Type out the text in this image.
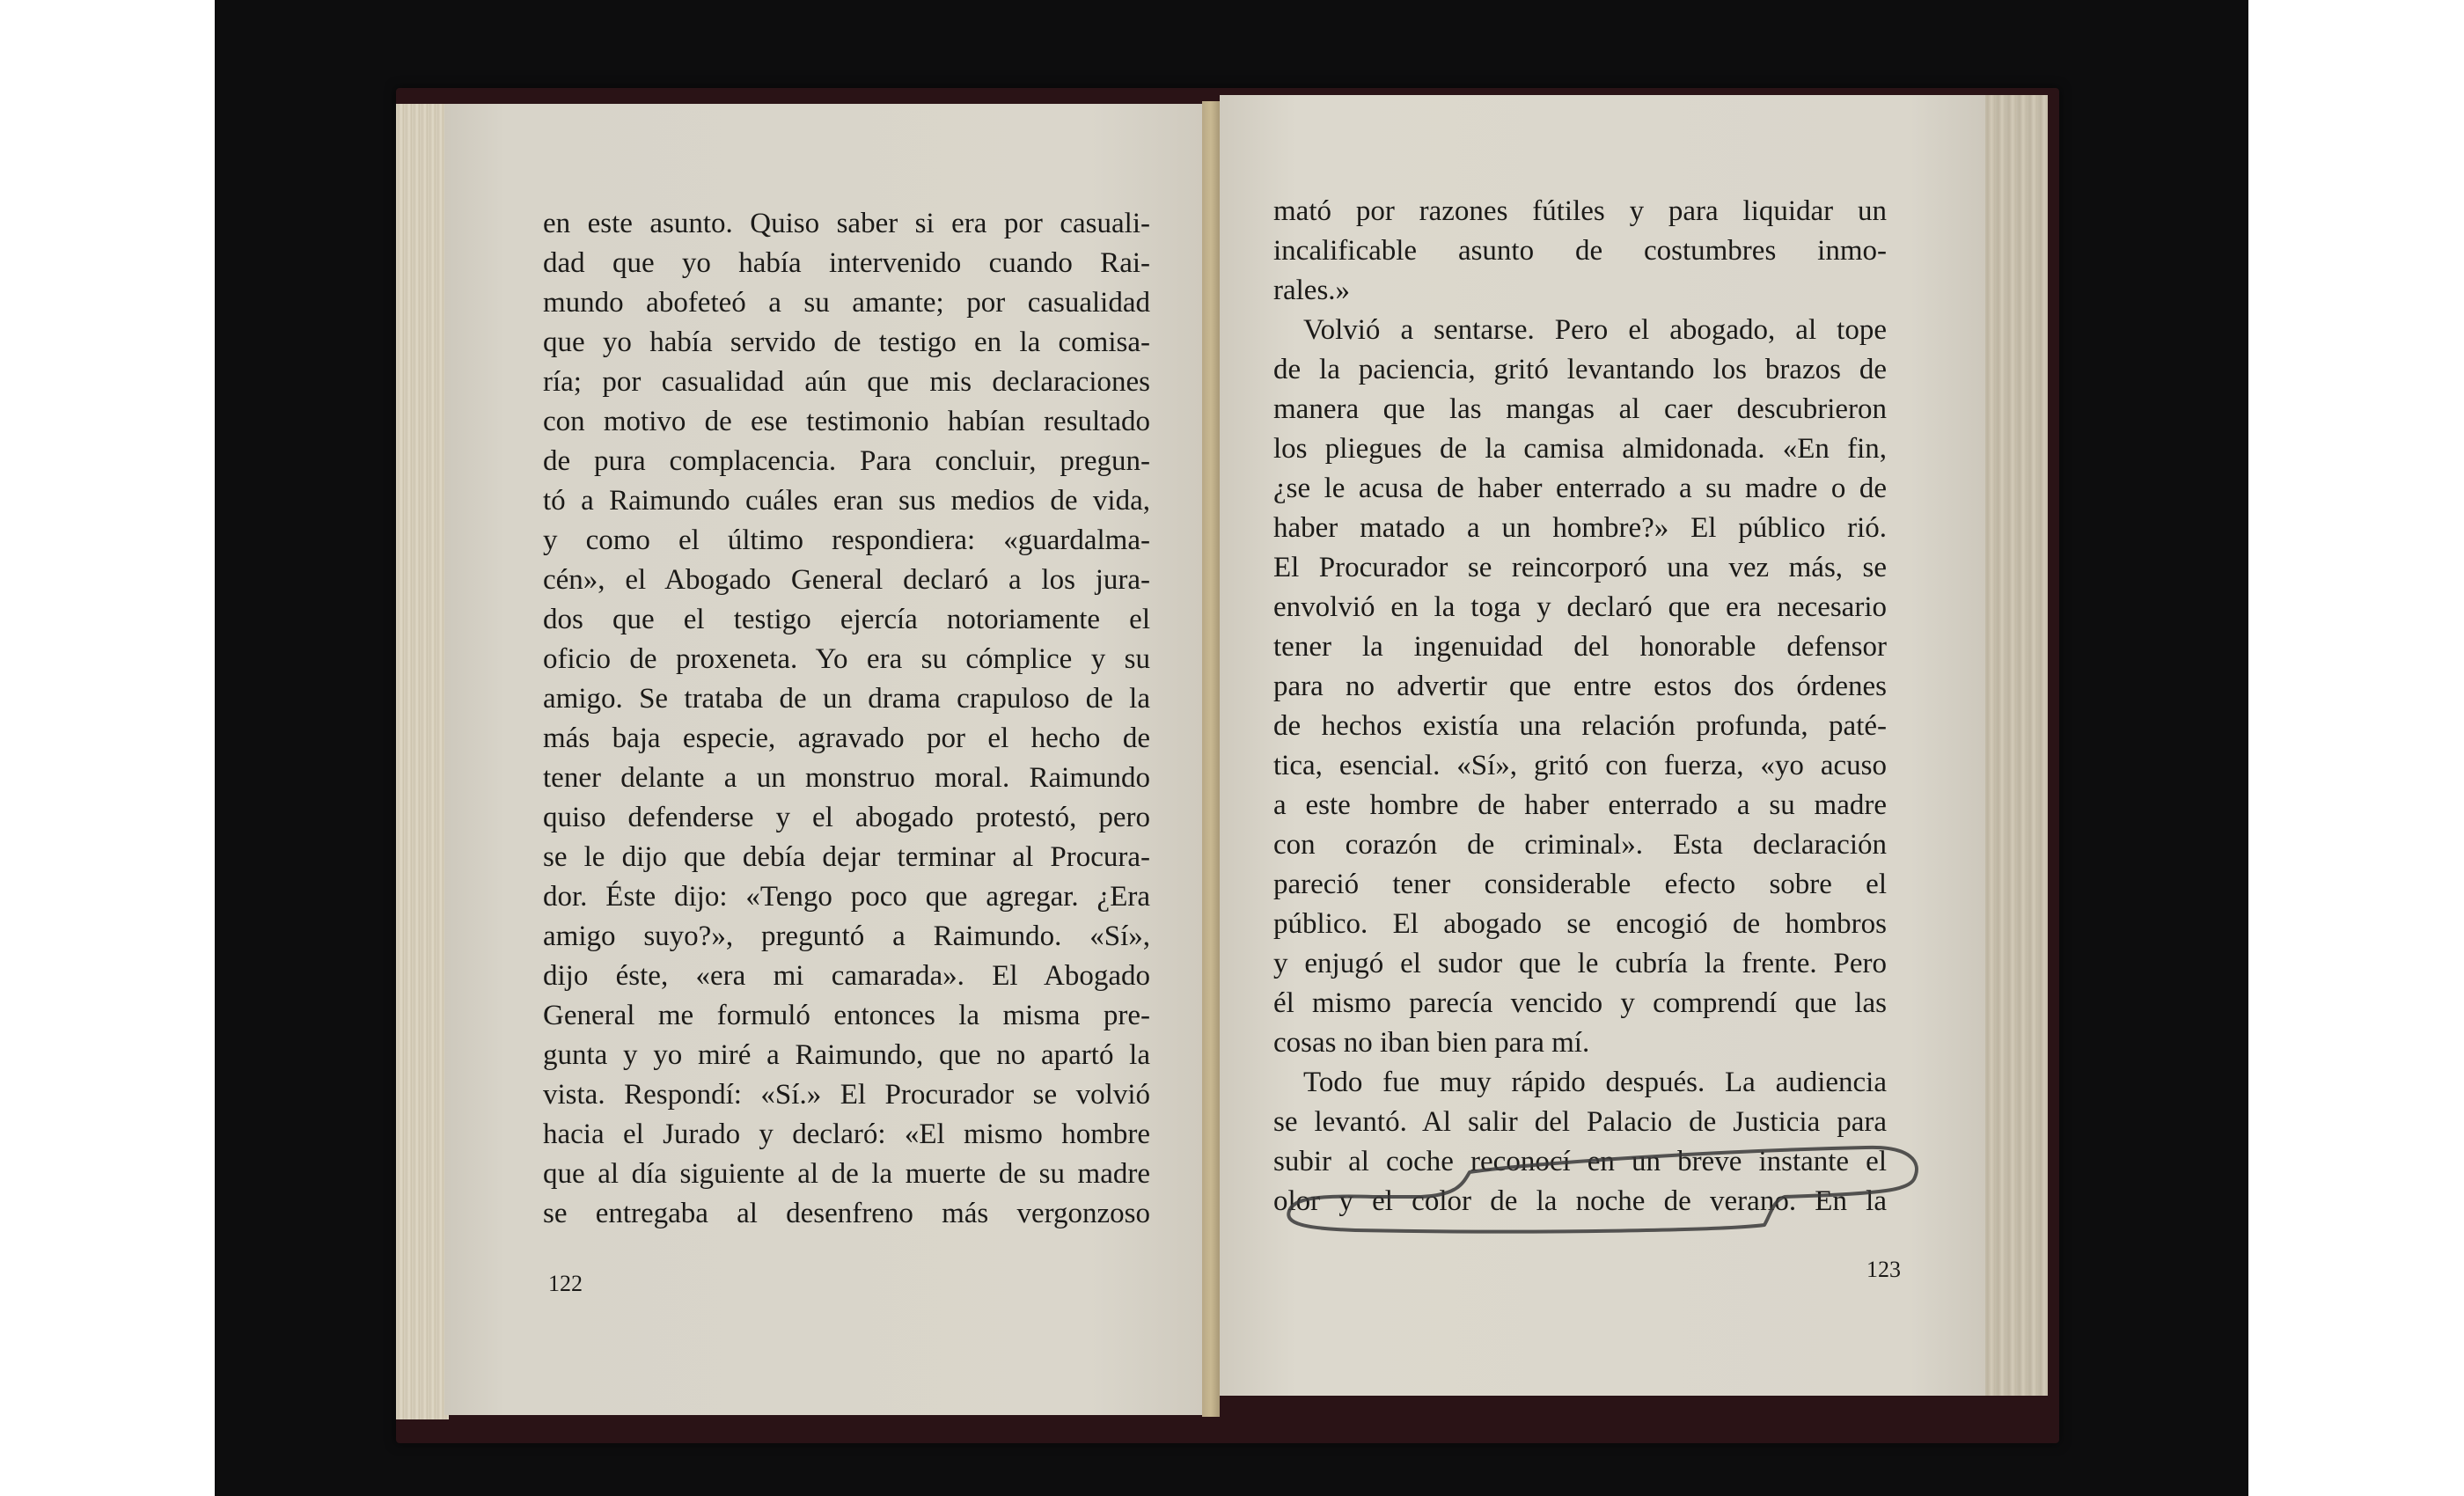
en este asunto. Quiso saber si era por casuali-
dad que yo había intervenido cuando Rai-
mundo abofeteó a su amante; por casualidad
que yo había servido de testigo en la comisa-
ría; por casualidad aún que mis declaraciones
con motivo de ese testimonio habían resultado
de pura complacencia. Para concluir, pregun-
tó a Raimundo cuáles eran sus medios de vida,
y como el último respondiera: «guardalma-
cén», el Abogado General declaró a los jura-
dos que el testigo ejercía notoriamente el
oficio de proxeneta. Yo era su cómplice y su
amigo. Se trataba de un drama crapuloso de la
más baja especie, agravado por el hecho de
tener delante a un monstruo moral. Raimundo
quiso defenderse y el abogado protestó, pero
se le dijo que debía dejar terminar al Procura-
dor. Éste dijo: «Tengo poco que agregar. ¿Era
amigo suyo?», preguntó a Raimundo. «Sí»,
dijo éste, «era mi camarada». El Abogado
General me formuló entonces la misma pre-
gunta y yo miré a Raimundo, que no apartó la
vista. Respondí: «Sí.» El Procurador se volvió
hacia el Jurado y declaró: «El mismo hombre
que al día siguiente al de la muerte de su madre
se entregaba al desenfreno más vergonzoso
122
mató por razones fútiles y para liquidar un
incalificable asunto de costumbres inmo-
rales.»
Volvió a sentarse. Pero el abogado, al tope
de la paciencia, gritó levantando los brazos de
manera que las mangas al caer descubrieron
los pliegues de la camisa almidonada. «En fin,
¿se le acusa de haber enterrado a su madre o de
haber matado a un hombre?» El público rió.
El Procurador se reincorporó una vez más, se
envolvió en la toga y declaró que era necesario
tener la ingenuidad del honorable defensor
para no advertir que entre estos dos órdenes
de hechos existía una relación profunda, paté-
tica, esencial. «Sí», gritó con fuerza, «yo acuso
a este hombre de haber enterrado a su madre
con corazón de criminal». Esta declaración
pareció tener considerable efecto sobre el
público. El abogado se encogió de hombros
y enjugó el sudor que le cubría la frente. Pero
él mismo parecía vencido y comprendí que las
cosas no iban bien para mí.
Todo fue muy rápido después. La audiencia
se levantó. Al salir del Palacio de Justicia para
subir al coche reconocí en un breve instante el
olor y el color de la noche de verano. En la
123
